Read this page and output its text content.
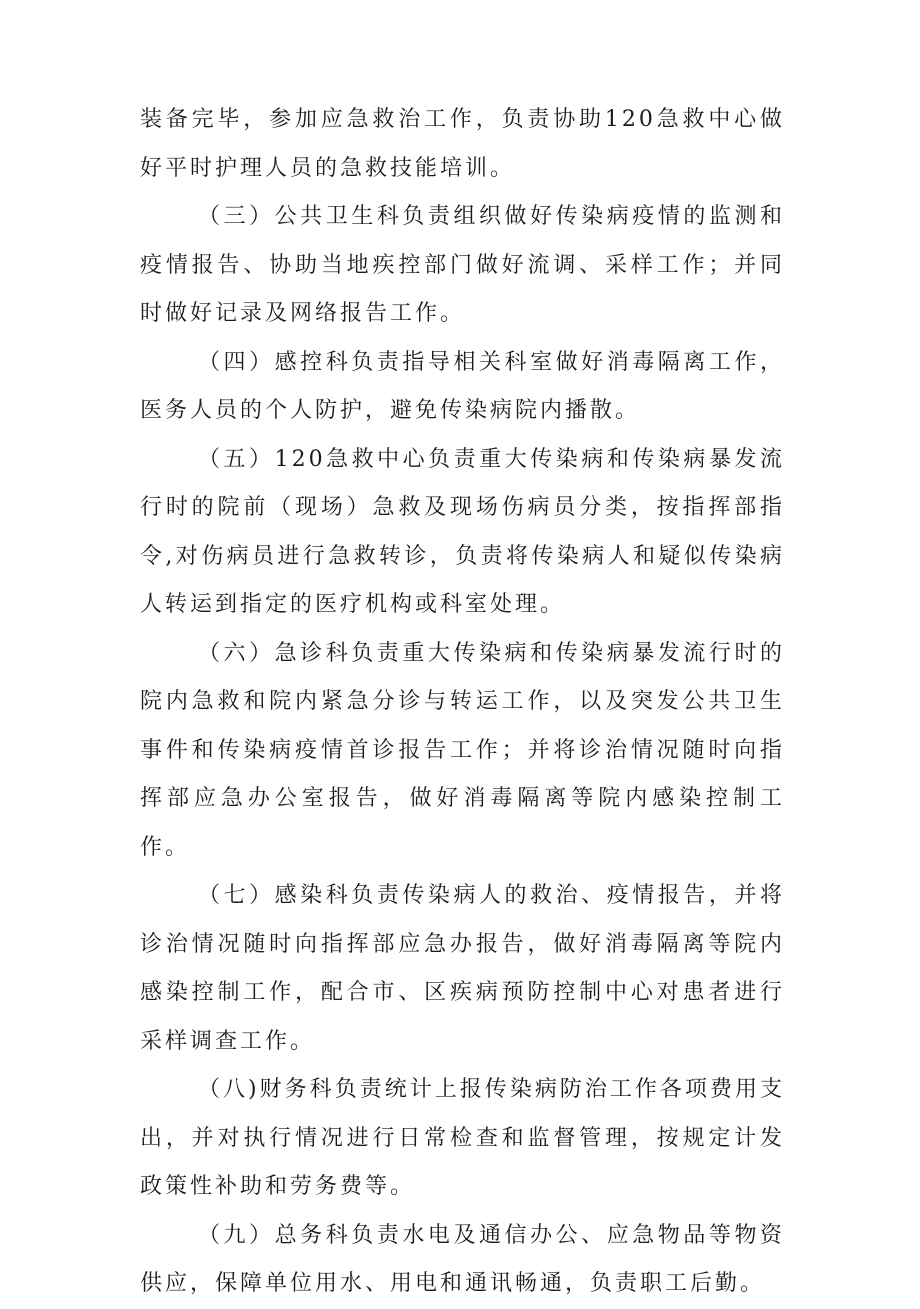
装备完毕，参加应急救治工作，负责协助120急救中心做好平时护理人员的急救技能培训。

（三）公共卫生科负责组织做好传染病疫情的监测和疫情报告、协助当地疾控部门做好流调、采样工作；并同时做好记录及网络报告工作。

（四）感控科负责指导相关科室做好消毒隔离工作，医务人员的个人防护，避免传染病院内播散。

（五）120急救中心负责重大传染病和传染病暴发流行时的院前（现场）急救及现场伤病员分类，按指挥部指令,对伤病员进行急救转诊，负责将传染病人和疑似传染病人转运到指定的医疗机构或科室处理。

（六）急诊科负责重大传染病和传染病暴发流行时的院内急救和院内紧急分诊与转运工作，以及突发公共卫生事件和传染病疫情首诊报告工作；并将诊治情况随时向指挥部应急办公室报告，做好消毒隔离等院内感染控制工作。

（七）感染科负责传染病人的救治、疫情报告，并将诊治情况随时向指挥部应急办报告，做好消毒隔离等院内感染控制工作，配合市、区疾病预防控制中心对患者进行采样调查工作。

（八)财务科负责统计上报传染病防治工作各项费用支出，并对执行情况进行日常检查和监督管理，按规定计发政策性补助和劳务费等。

（九）总务科负责水电及通信办公、应急物品等物资供应，保障单位用水、用电和通讯畅通，负责职工后勤。
